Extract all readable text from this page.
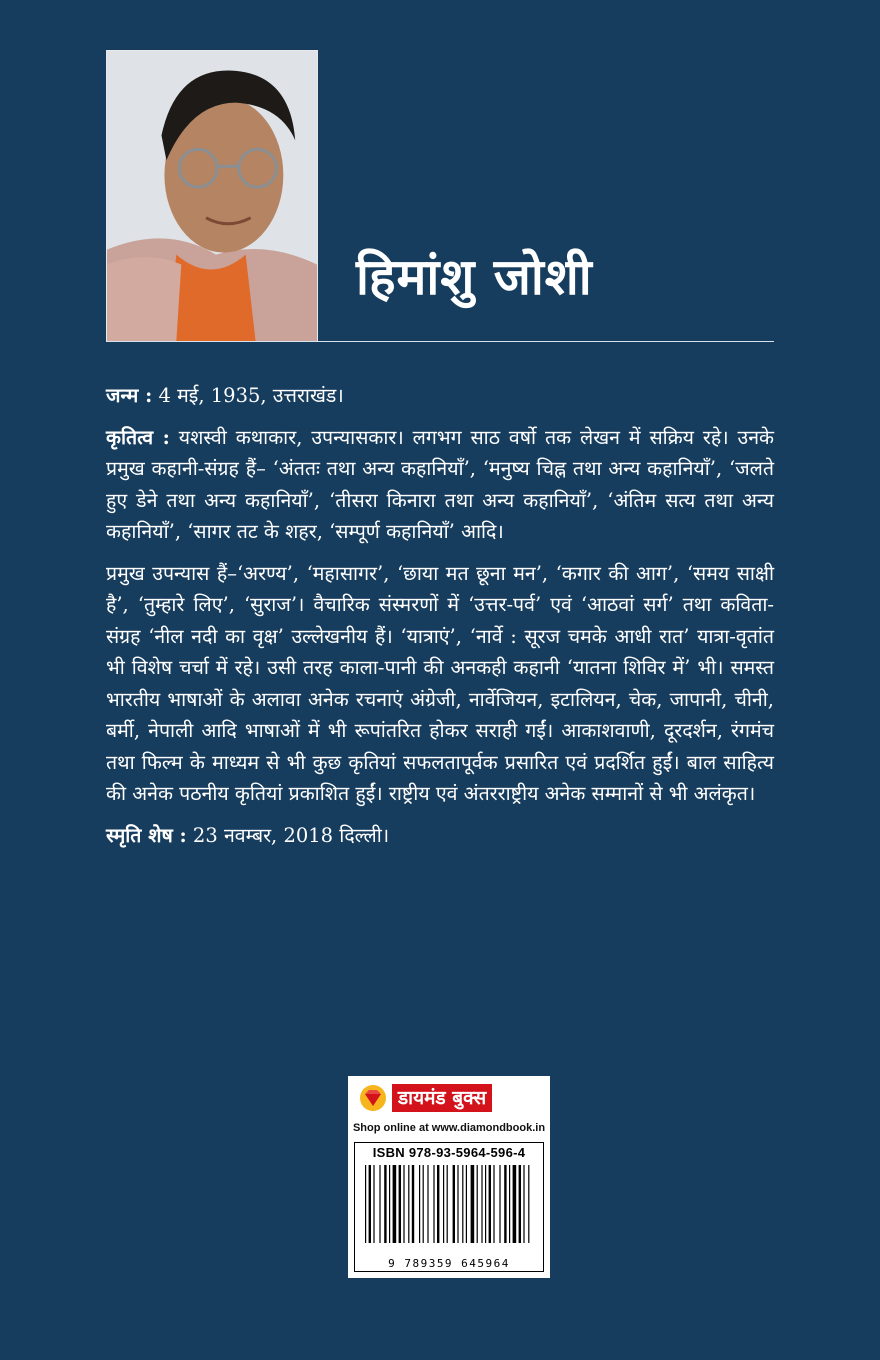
हिमांशु जोशी

जन्म : 4 मई, 1935, उत्तराखंड।

कृतित्व : यशस्वी कथाकार, उपन्यासकार। लगभग साठ वर्षो तक लेखन में सक्रिय रहे। उनके प्रमुख कहानी-संग्रह हैं– ‘अंततः तथा अन्य कहानियाँ’, ‘मनुष्य चिह्न तथा अन्य कहानियाँ’, ‘जलते हुए डेने तथा अन्य कहानियाँ’, ‘तीसरा किनारा तथा अन्य कहानियाँ’, ‘अंतिम सत्य तथा अन्य कहानियाँ’, ‘सागर तट के शहर, ‘सम्पूर्ण कहानियाँ’ आदि।

प्रमुख उपन्यास हैं–‘अरण्य’, ‘महासागर’, ‘छाया मत छूना मन’, ‘कगार की आग’, ‘समय साक्षी है’, ‘तुम्हारे लिए’, ‘सुराज’। वैचारिक संस्मरणों में ‘उत्तर-पर्व’ एवं ‘आठवां सर्ग’ तथा कविता-संग्रह ‘नील नदी का वृक्ष’ उल्लेखनीय हैं। ‘यात्राएं’, ‘नार्वे : सूरज चमके आधी रात’ यात्रा-वृतांत भी विशेष चर्चा में रहे। उसी तरह काला-पानी की अनकही कहानी ‘यातना शिविर में’ भी। समस्त भारतीय भाषाओं के अलावा अनेक रचनाएं अंग्रेजी, नार्वेजियन, इटालियन, चेक, जापानी, चीनी, बर्मी, नेपाली आदि भाषाओं में भी रूपांतरित होकर सराही गईं। आकाशवाणी, दूरदर्शन, रंगमंच तथा फिल्म के माध्यम से भी कुछ कृतियां सफलतापूर्वक प्रसारित एवं प्रदर्शित हुईं। बाल साहित्य की अनेक पठनीय कृतियां प्रकाशित हुईं। राष्ट्रीय एवं अंतरराष्ट्रीय अनेक सम्मानों से भी अलंकृत।

स्मृति शेष : 23 नवम्बर, 2018 दिल्ली।

डायमंड बुक्स
Shop online at www.diamondbook.in
ISBN 978-93-5964-596-4
9 789359 645964
